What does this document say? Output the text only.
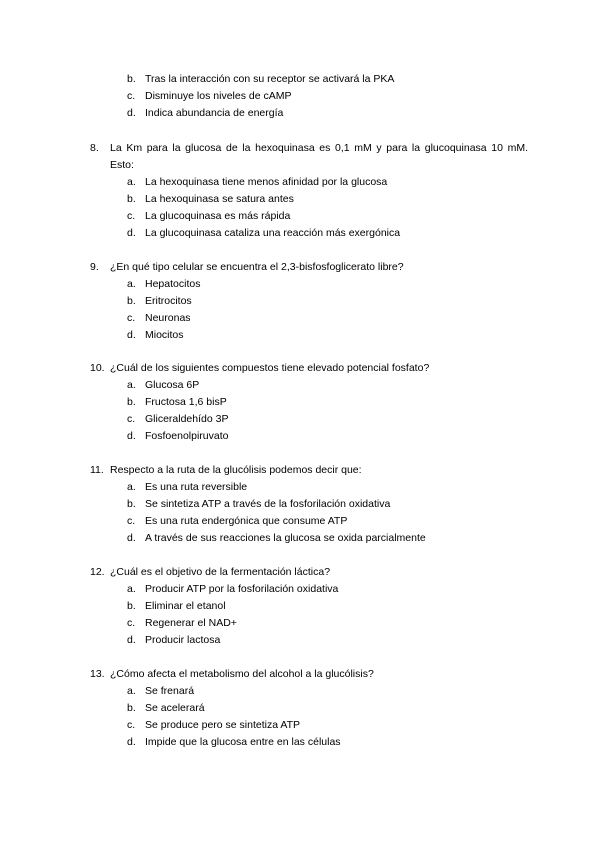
b. Tras la interacción con su receptor se activará la PKA
c. Disminuye los niveles de cAMP
d. Indica abundancia de energía
8.	La Km para la glucosa de la hexoquinasa es 0,1 mM y para la glucoquinasa 10 mM.
Esto:
a. La hexoquinasa tiene menos afinidad por la glucosa
b. La hexoquinasa se satura antes
c. La glucoquinasa es más rápida
d. La glucoquinasa cataliza una reacción más exergónica
9.	¿En qué tipo celular se encuentra el 2,3-bisfosfoglicerato libre?
a. Hepatocitos
b. Eritrocitos
c. Neuronas
d. Miocitos
10. ¿Cuál de los siguientes compuestos tiene elevado potencial fosfato?
a. Glucosa 6P
b. Fructosa 1,6 bisP
c. Gliceraldehído 3P
d. Fosfoenolpiruvato
11. Respecto a la ruta de la glucólisis podemos decir que:
a. Es una ruta reversible
b. Se sintetiza ATP a través de la fosforilación oxidativa
c. Es una ruta endergónica que consume ATP
d. A través de sus reacciones la glucosa se oxida parcialmente
12. ¿Cuál es el objetivo de la fermentación láctica?
a. Producir ATP por la fosforilación oxidativa
b. Eliminar el etanol
c. Regenerar el NAD+
d. Producir lactosa
13. ¿Cómo afecta el metabolismo del alcohol a la glucólisis?
a. Se frenará
b. Se acelerará
c. Se produce pero se sintetiza ATP
d. Impide que la glucosa entre en las células
